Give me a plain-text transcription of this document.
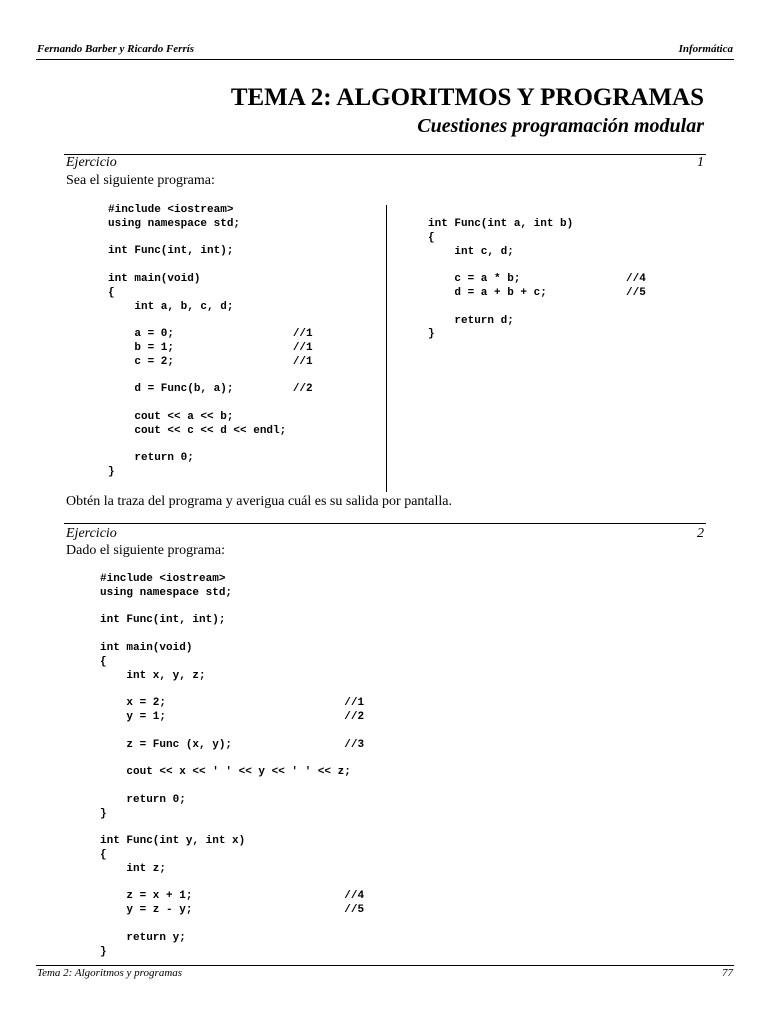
Fernando Barber y Ricardo Ferrís	Informática
TEMA 2: ALGORITMOS Y PROGRAMAS
Cuestiones programación modular
Ejercicio	1
Sea el siguiente programa:
#include <iostream>
using namespace std;

int Func(int, int);

int main(void)
{
int a, b, c, d;

a = 0;                  //1
b = 1;                  //1
c = 2;                  //1

d = Func(b, a);         //2

cout << a << b;
cout << c << d << endl;

return 0;
}
int Func(int a, int b)
{
int c, d;

c = a * b;                //4
d = a + b + c;            //5

return d;
}
Obtén la traza del programa y averigua cuál es su salida por pantalla.
Ejercicio	2
Dado el siguiente programa:
#include <iostream>
using namespace std;

int Func(int, int);

int main(void)
{
int x, y, z;

x = 2;                           //1
y = 1;                           //2

z = Func (x, y);                 //3

cout << x << ' ' << y << ' ' << z;

return 0;
}

int Func(int y, int x)
{
int z;

z = x + 1;                       //4
y = z - y;                       //5

return y;
}
Tema 2: Algoritmos y programas	77
